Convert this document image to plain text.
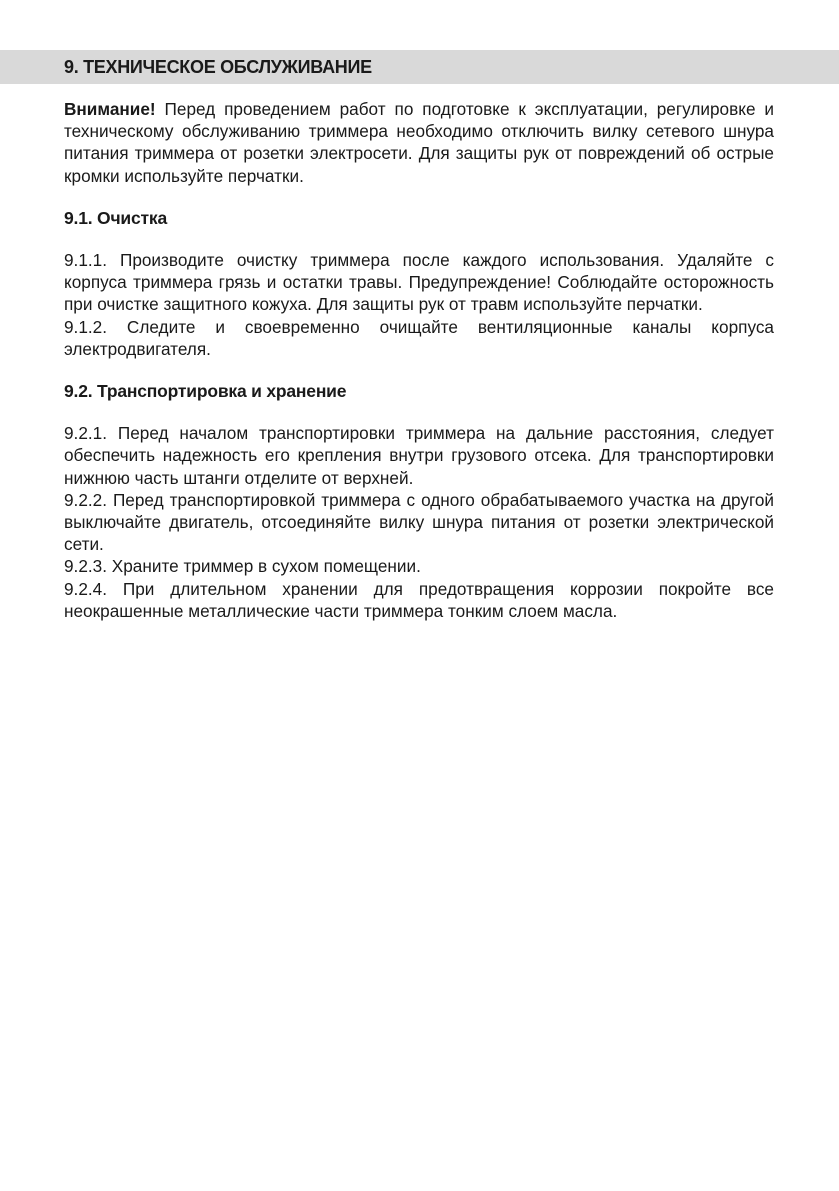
9. ТЕХНИЧЕСКОЕ ОБСЛУЖИВАНИЕ

Внимание! Перед проведением работ по подготовке к эксплуатации, регулировке и техническому обслуживанию триммера необходимо отключить вилку сетевого шнура питания триммера от розетки электросети. Для защиты рук от повреждений об острые кромки используйте перчатки.

9.1. Очистка

9.1.1. Производите очистку триммера после каждого использования. Удаляйте с корпуса триммера грязь и остатки травы. Предупреждение! Соблюдайте осторожность при очистке защитного кожуха. Для защиты рук от травм используйте перчатки.

9.1.2. Следите и своевременно очищайте вентиляционные каналы корпуса электродвигателя.

9.2. Транспортировка и хранение

9.2.1. Перед началом транспортировки триммера на дальние расстояния, следует обеспечить надежность его крепления внутри грузового отсека. Для транспортировки нижнюю часть штанги отделите от верхней.

9.2.2. Перед транспортировкой триммера с одного обрабатываемого участка на другой выключайте двигатель, отсоединяйте вилку шнура питания от розетки электрической сети.

9.2.3. Храните триммер в сухом помещении.

9.2.4. При длительном хранении для предотвращения коррозии покройте все неокрашенные металлические части триммера тонким слоем масла.
